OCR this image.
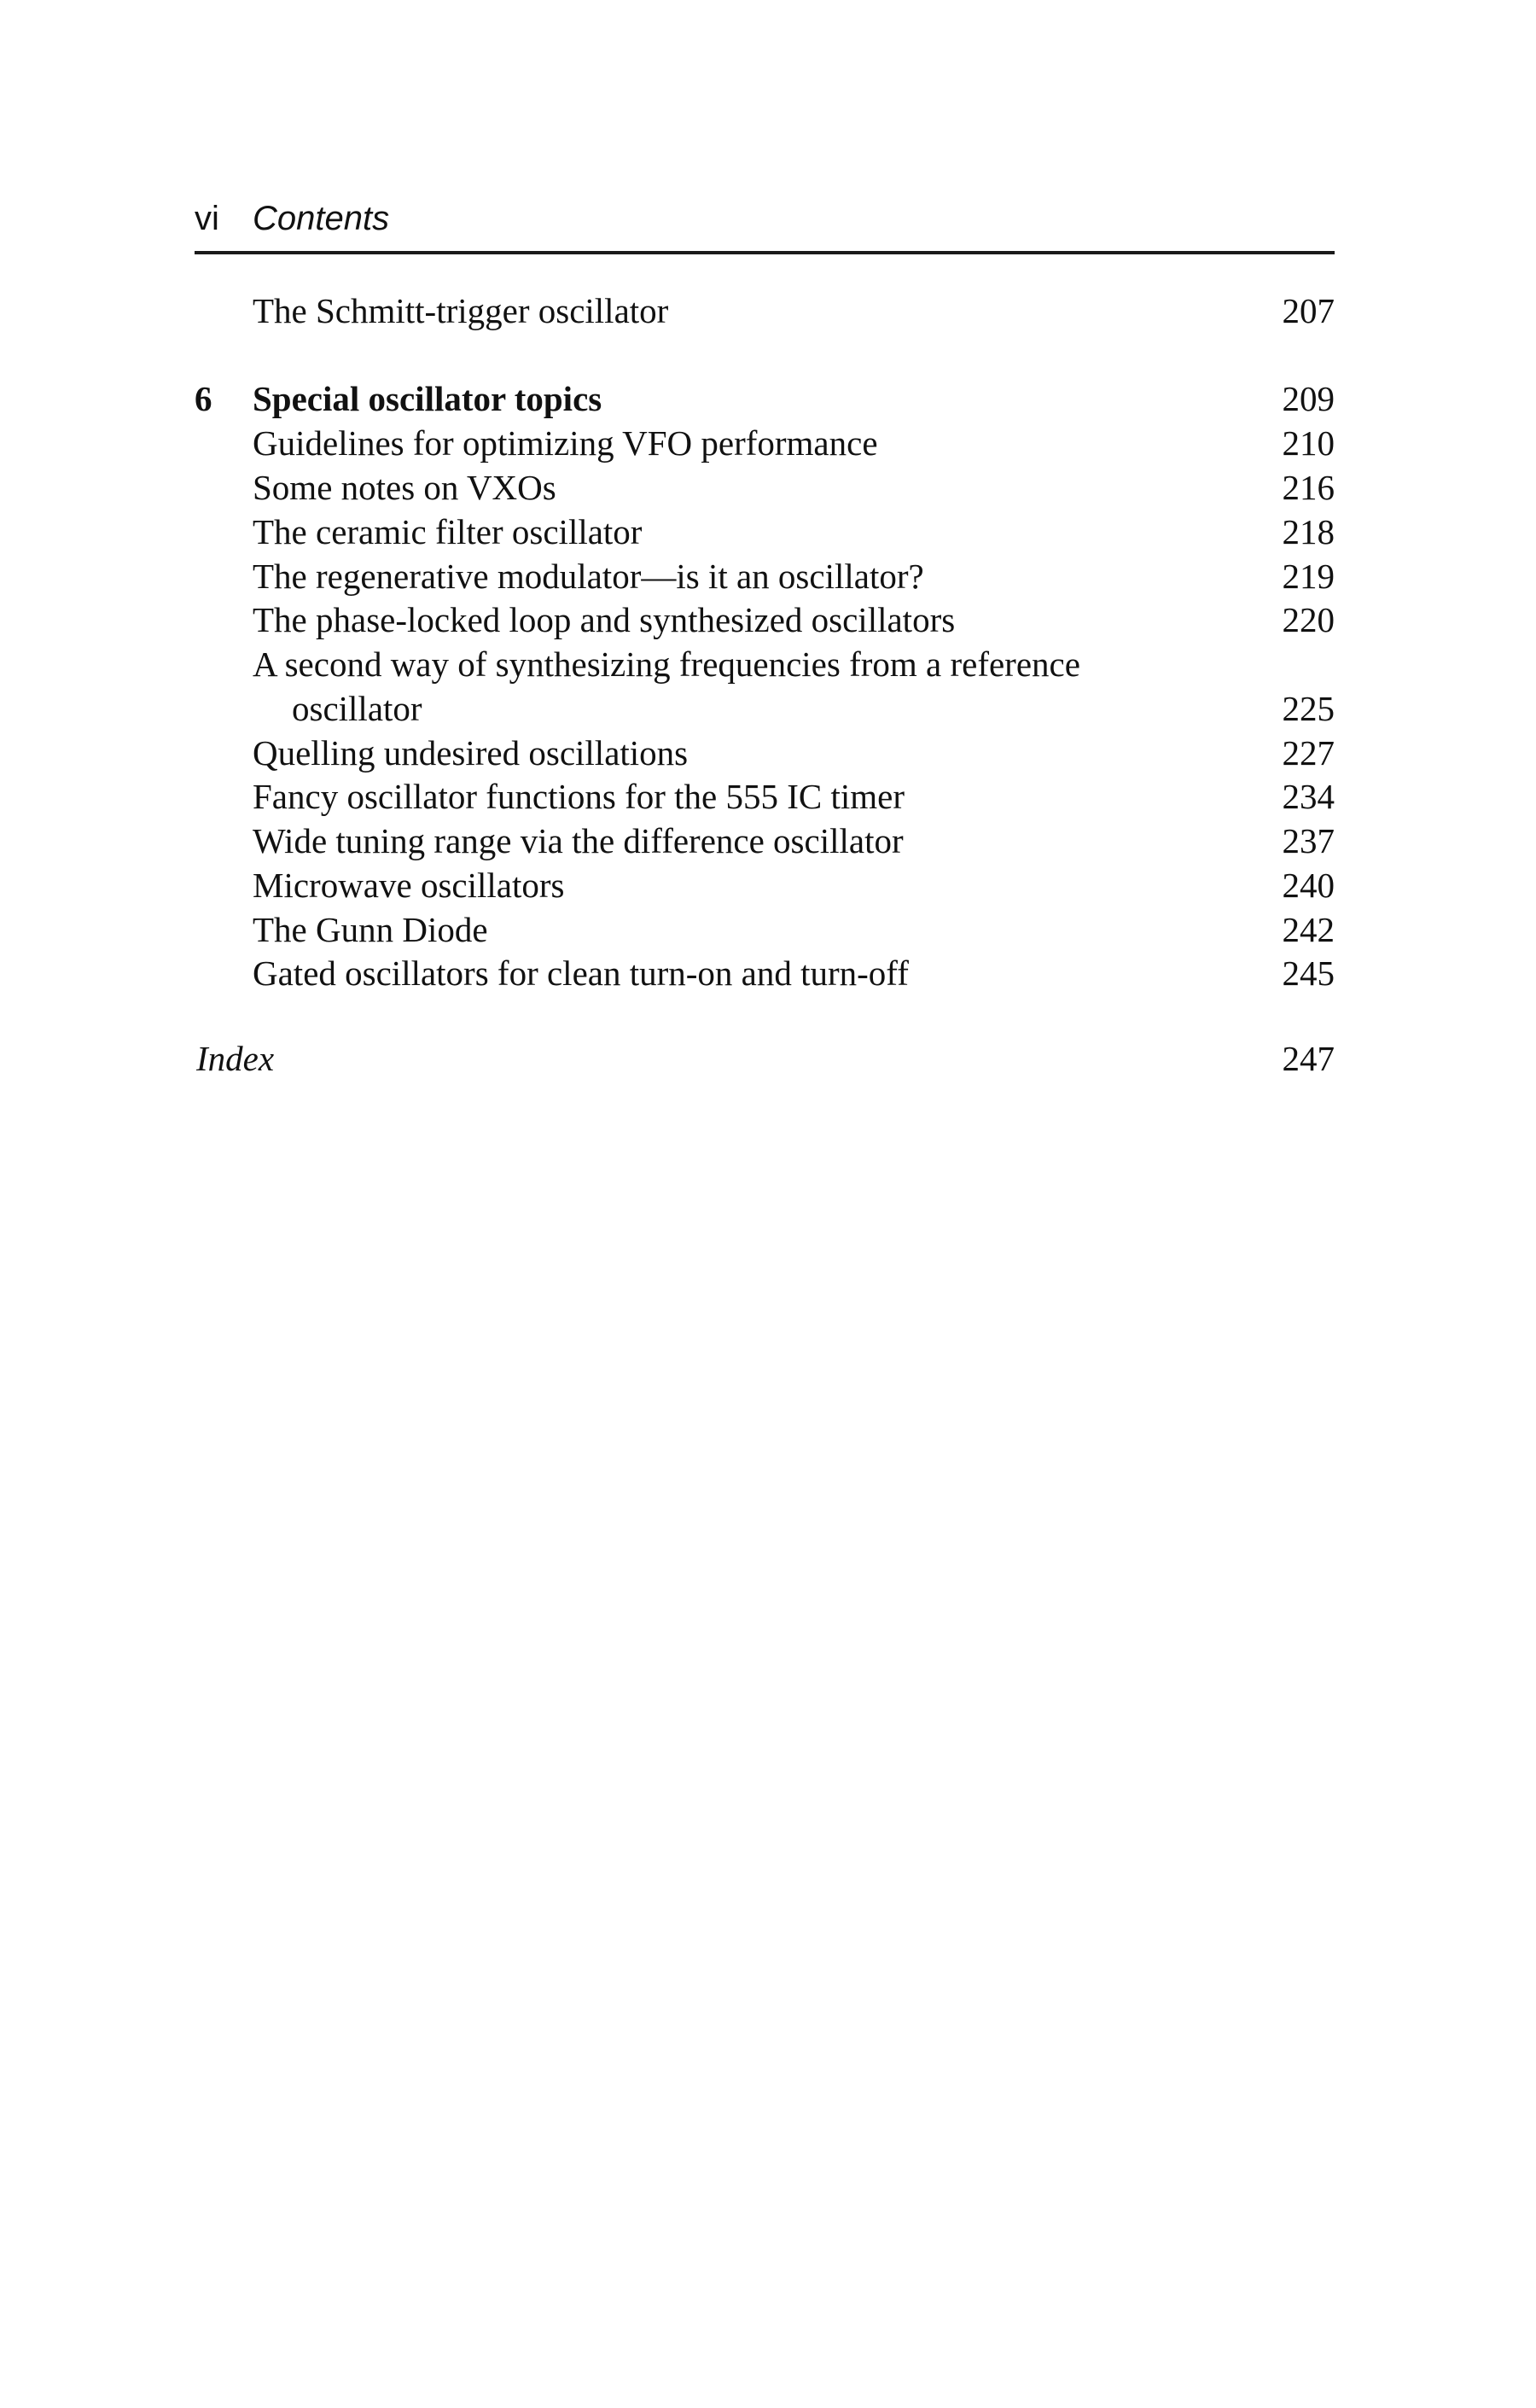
vi Contents
The Schmitt-trigger oscillator	207
6 Special oscillator topics	209
Guidelines for optimizing VFO performance	210
Some notes on VXOs	216
The ceramic filter oscillator	218
The regenerative modulator—is it an oscillator?	219
The phase-locked loop and synthesized oscillators	220
A second way of synthesizing frequencies from a reference
oscillator	225
Quelling undesired oscillations	227
Fancy oscillator functions for the 555 IC timer	234
Wide tuning range via the difference oscillator	237
Microwave oscillators	240
The Gunn Diode	242
Gated oscillators for clean turn-on and turn-off	245
Index	247
